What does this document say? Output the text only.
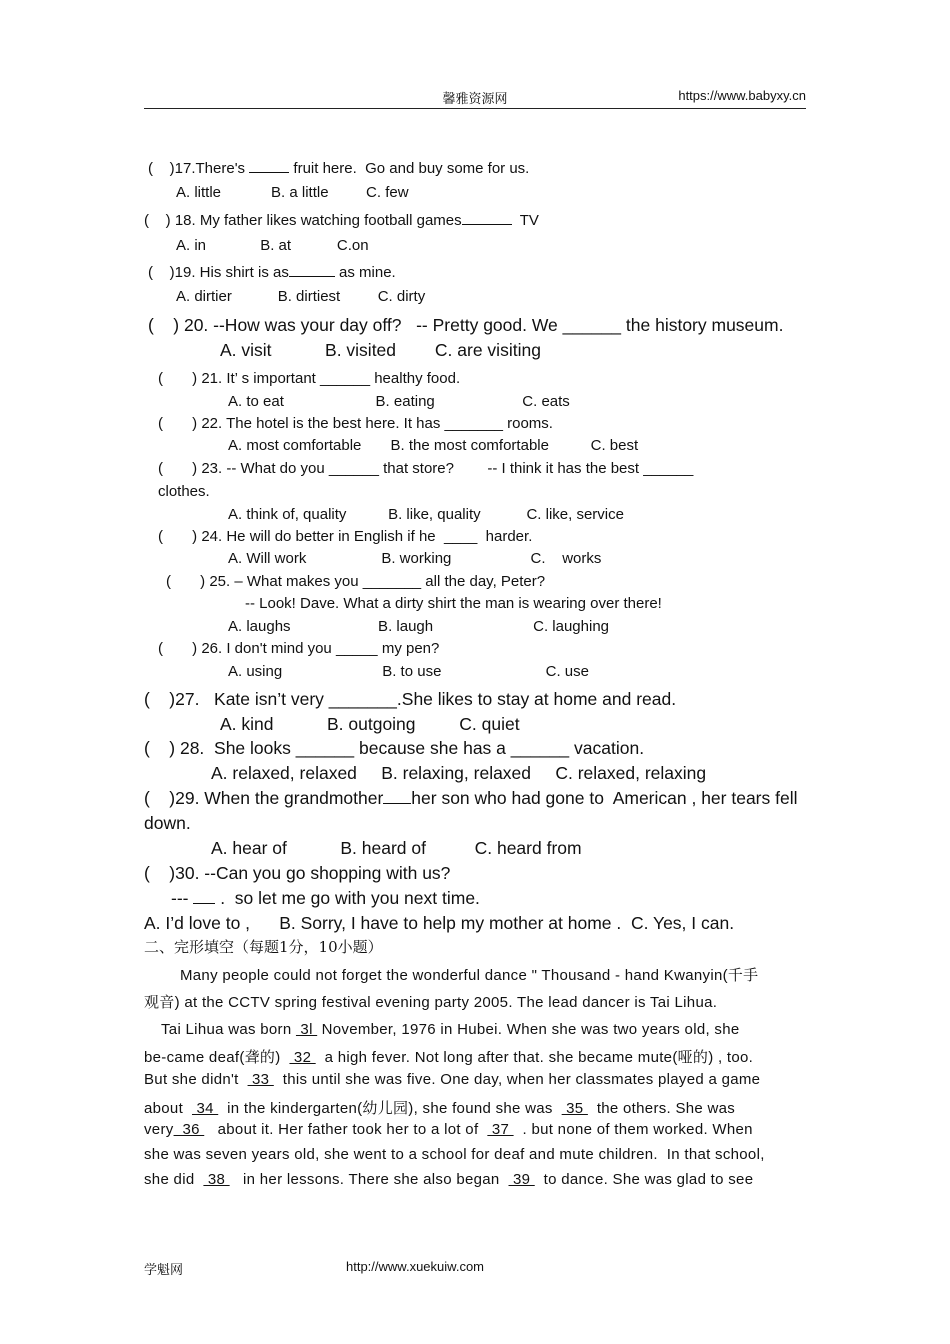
馨雅资源网	https://www.babyxy.cn
(    )17.There's	fruit here.  Go and buy some for us.
A. little            B. a little         C. few
(    ) 18. My father likes watching football games	TV
A. in             B. at           C.on
(    )19. His shirt is as	as mine.
A. dirtier           B. dirtiest         C. dirty
(    ) 20. --How was your day off?   -- Pretty good. We ______ the history museum.
A. visit           B. visited        C. are visiting
(       ) 21. It’ s important ______ healthy food.
A. to eat                      B. eating                     C. eats
(       ) 22. The hotel is the best here. It has _______ rooms.
A. most comfortable       B. the most comfortable          C. best
(       ) 23. -- What do you ______ that store?        -- I think it has the best ______
clothes.
A. think of, quality          B. like, quality           C. like, service
(       ) 24. He will do better in English if he  ____  harder.
A. Will work                  B. working                   C.    works
(       ) 25. – What makes you _______ all the day, Peter?
-- Look! Dave. What a dirty shirt the man is wearing over there!
A. laughs                     B. laugh                        C. laughing
(       ) 26. I don't mind you _____ my pen?
A. using                        B. to use                         C. use
(    )27.   Kate isn’t very _______.She likes to stay at home and read.
A. kind           B. outgoing         C. quiet
(    ) 28.  She looks ______ because she has a ______ vacation.
A. relaxed, relaxed     B. relaxing, relaxed     C. relaxed, relaxing
(    )29. When the grandmother her son who had gone to  American , her tears fell
down.
A. hear of           B. heard of          C. heard from
(    )30. --Can you go shopping with us?
---  .  so let me go with you next time.
A. I’d love to ,      B. Sorry, I have to help my mother at home .  C. Yes, I can.
二、完形填空（每题1分，10小题）
Many people could not forget the wonderful dance " Thousand - hand Kwanyin(千手
观音) at the CCTV spring festival evening party 2005. The lead dancer is Tai Lihua.
Tai Lihua was born  3l  November, 1976 in Hubei. When she was two years old, she
be-came deaf(聋的)   32   a high fever. Not long after that. she became mute(哑的) , too.
But she didn't   33   this until she was five. One day, when her classmates played a game
about   34   in the kindergarten(幼儿园), she found she was   35   the others. She was
very  36    about it. Her father took her to a lot of   37   . but none of them worked. When
she was seven years old, she went to a school for deaf and mute children.  In that school,
she did   38    in her lessons. There she also began   39   to dance. She was glad to see
学魁网	http://www.xuekuiw.com
